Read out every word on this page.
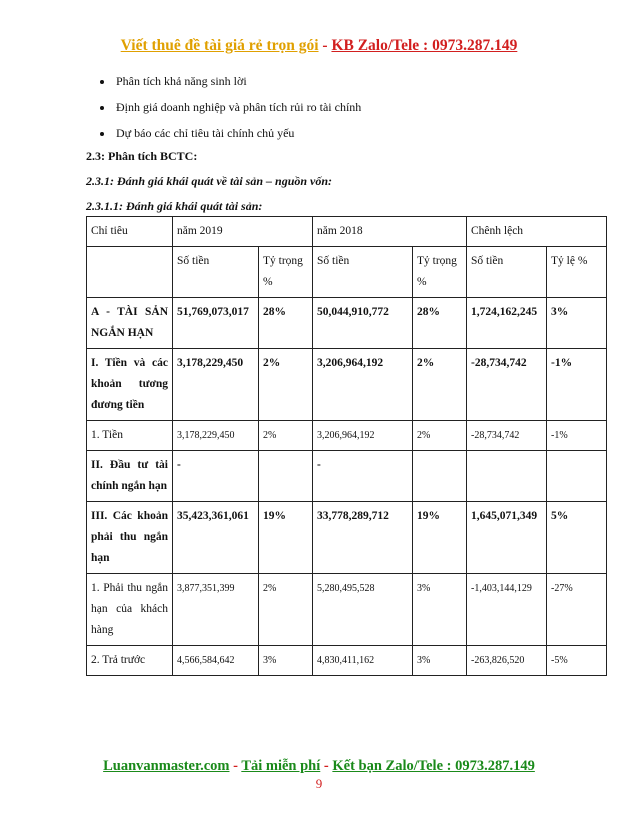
Viết thuê đề tài giá rẻ trọn gói - KB Zalo/Tele : 0973.287.149
• Phân tích khả năng sinh lời
• Định giá doanh nghiệp và phân tích rủi ro tài chính
• Dự báo các chỉ tiêu tài chính chủ yếu
2.3: Phân tích BCTC:
2.3.1: Đánh giá khái quát về tài sản – nguồn vốn:
2.3.1.1: Đánh giá khái quát tài sản:
Chỉ tiêu	năm 2019		năm 2018		Chênh lệch	
	Số tiền	Tỷ trọng %	Số tiền	Tỷ trọng %	Số tiền	Tỷ lệ %
A - TÀI SẢN NGẮN HẠN	51,769,073,017	28%	50,044,910,772	28%	1,724,162,245	3%
I. Tiền và các khoản tương đương tiền	3,178,229,450	2%	3,206,964,192	2%	-28,734,742	-1%
1. Tiền	3,178,229,450	2%	3,206,964,192	2%	-28,734,742	-1%
II. Đầu tư tài chính ngắn hạn	-		-			
III. Các khoản phải thu ngắn hạn	35,423,361,061	19%	33,778,289,712	19%	1,645,071,349	5%
1. Phải thu ngắn hạn của khách hàng	3,877,351,399	2%	5,280,495,528	3%	-1,403,144,129	-27%
2. Trả trước	4,566,584,642	3%	4,830,411,162	3%	-263,826,520	-5%
Luanvanmaster.com - Tải miễn phí - Kết bạn Zalo/Tele : 0973.287.149
9
